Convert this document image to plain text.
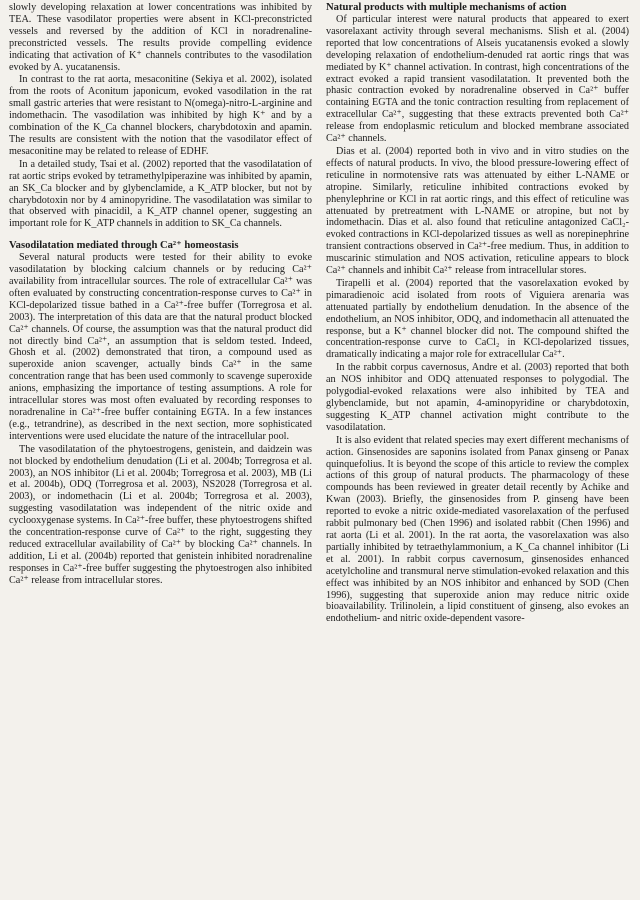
slowly developing relaxation at lower concentrations was inhibited by TEA. These vasodilator properties were absent in KCl-preconstricted vessels and reversed by the addition of KCl in noradrenaline-preconstricted vessels. The results provide compelling evidence indicating that activation of K⁺ channels contributes to the vasodilation evoked by A. yucatanensis.

In contrast to the rat aorta, mesaconitine (Sekiya et al. 2002), isolated from the roots of Aconitum japonicum, evoked vasodilation in the rat small gastric arteries that were resistant to N(omega)-nitro-L-arginine and indomethacin. The vasodilation was inhibited by high K⁺ and by a combination of the K_Ca channel blockers, charybdotoxin and apamin. The results are consistent with the notion that the vasodilator effect of mesaconitine may be related to release of EDHF.

In a detailed study, Tsai et al. (2002) reported that the vasodilatation of rat aortic strips evoked by tetramethylpiperazine was inhibited by apamin, an SK_Ca blocker and by glybenclamide, a K_ATP blocker, but not by charybdotoxin nor by 4 aminopyridine. The vasodilatation was similar to that observed with pinacidil, a K_ATP channel opener, suggesting an important role for K_ATP channels in addition to SK_Ca channels.

Vasodilatation mediated through Ca²⁺ homeostasis

Several natural products were tested for their ability to evoke vasodilatation by blocking calcium channels or by reducing Ca²⁺ availability from intracellular sources. The role of extracellular Ca²⁺ was often evaluated by constructing concentration-response curves to Ca²⁺ in KCl-depolarized tissue bathed in a Ca²⁺-free buffer (Torregrosa et al. 2003). The interpretation of this data are that the natural product blocked Ca²⁺ channels. Of course, the assumption was that the natural product did not directly bind Ca²⁺, an assumption that is seldom tested. Indeed, Ghosh et al. (2002) demonstrated that tiron, a compound used as superoxide anion scavenger, actually binds Ca²⁺ in the same concentration range that has been used commonly to scavenge superoxide anions, emphasizing the importance of testing assumptions. A role for intracellular stores was most often evaluated by recording responses to noradrenaline in Ca²⁺-free buffer containing EGTA. In a few instances (e.g., tetrandrine), as described in the next section, more sophisticated interventions were used elucidate the nature of the intracellular pool.

The vasodilatation of the phytoestrogens, genistein, and daidzein was not blocked by endothelium denudation (Li et al. 2004b; Torregrosa et al. 2003), an NOS inhibitor (Li et al. 2004b; Torregrosa et al. 2003), MB (Li et al. 2004b), ODQ (Torregrosa et al. 2003), NS2028 (Torregrosa et al. 2003), or indomethacin (Li et al. 2004b; Torregrosa et al. 2003), suggesting vasodilatation was independent of the nitric oxide and cyclooxygenase systems. In Ca²⁺-free buffer, these phytoestrogens shifted the concentration-response curve of Ca²⁺ to the right, suggesting they reduced extracellular availability of Ca²⁺ by blocking Ca²⁺ channels. In addition, Li et al. (2004b) reported that genistein inhibited noradrenaline responses in Ca²⁺-free buffer suggesting the phytoestrogen also inhibited Ca²⁺ release from intracellular stores.

Natural products with multiple mechanisms of action

Of particular interest were natural products that appeared to exert vasorelaxant activity through several mechanisms. Slish et al. (2004) reported that low concentrations of Alseis yucatanensis evoked a slowly developing relaxation of endothelium-denuded rat aortic rings that was mediated by K⁺ channel activation. In contrast, high concentrations of the extract evoked a rapid transient vasodilatation. It prevented both the phasic contraction evoked by noradrenaline observed in Ca²⁺ buffer containing EGTA and the tonic contraction resulting from replacement of extracellular Ca²⁺, suggesting that these extracts prevented both Ca²⁺ release from endoplasmic reticulum and blocked membrane associated Ca²⁺ channels.

Dias et al. (2004) reported both in vivo and in vitro studies on the effects of natural products. In vivo, the blood pressure-lowering effect of reticuline in normotensive rats was attenuated by either L-NAME or atropine. Similarly, reticuline inhibited contractions evoked by phenylephrine or KCl in rat aortic rings, and this effect of reticuline was attenuated by pretreatment with L-NAME or atropine, but not by indomethacin. Dias et al. also found that reticuline antagonized CaCl₂-evoked contractions in KCl-depolarized tissues as well as norepinephrine transient contractions observed in Ca²⁺-free medium. Thus, in addition to muscarinic stimulation and NOS activation, reticuline appears to block Ca²⁺ channels and inhibit Ca²⁺ release from intracellular stores.

Tirapelli et al. (2004) reported that the vasorelaxation evoked by pimaradienoic acid isolated from roots of Viguiera arenaria was attenuated partially by endothelium denudation. In the absence of the endothelium, an NOS inhibitor, ODQ, and indomethacin all attenuated the response, but a K⁺ channel blocker did not. The compound shifted the concentration-response curve to CaCl₂ in KCl-depolarized tissues, dramatically indicating a major role for extracellular Ca²⁺.

In the rabbit corpus cavernosus, Andre et al. (2003) reported that both an NOS inhibitor and ODQ attenuated responses to polygodial. The polygodial-evoked relaxations were also inhibited by TEA and glybenclamide, but not apamin, 4-aminopyridine or charybdotoxin, suggesting K_ATP channel activation might contribute to the vasodilatation.

It is also evident that related species may exert different mechanisms of action. Ginsenosides are saponins isolated from Panax ginseng or Panax quinquefolius. It is beyond the scope of this article to review the complex actions of this group of natural products. The pharmacology of these compounds has been reviewed in greater detail recently by Achike and Kwan (2003). Briefly, the ginsenosides from P. ginseng have been reported to evoke a nitric oxide-mediated vasorelaxation of the perfused rabbit pulmonary bed (Chen 1996) and isolated rabbit (Chen 1996) and rat aorta (Li et al. 2001). In the rat aorta, the vasorelaxation was also partially inhibited by tetraethylammonium, a K_Ca channel inhibitor (Li et al. 2001). In rabbit corpus cavernosum, ginsenosides enhanced acetylcholine and transmural nerve stimulation-evoked relaxation and this effect was inhibited by an NOS inhibitor and enhanced by SOD (Chen 1996), suggesting that superoxide anion may reduce nitric oxide bioavailability. Trilinolein, a lipid constituent of ginseng, also evokes an endothelium- and nitric oxide-dependent vasore-
